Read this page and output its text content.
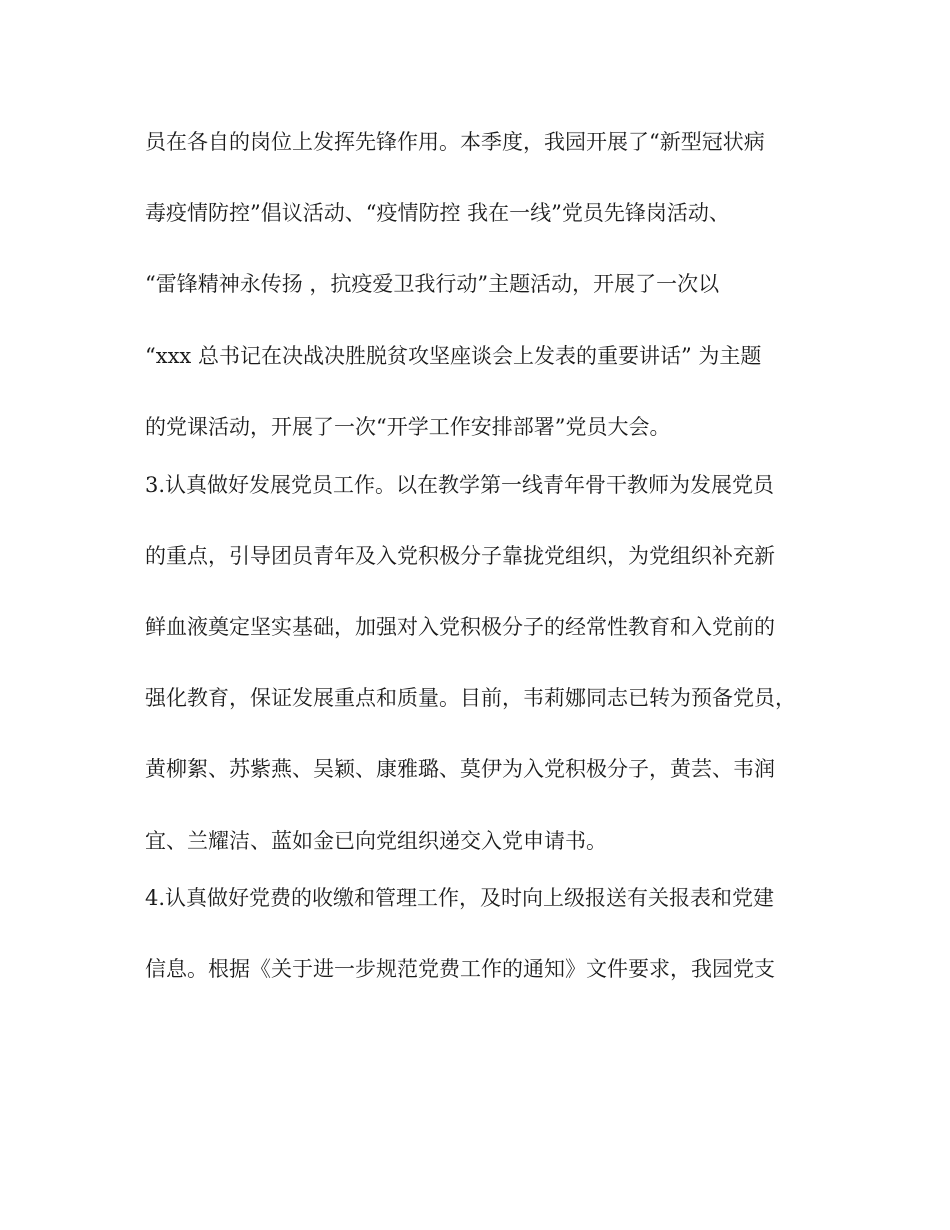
员在各自的岗位上发挥先锋作用。本季度，我园开展了“新型冠状病

毒疫情防控”倡议活动、“疫情防控 我在一线”党员先锋岗活动、

“雷锋精神永传扬 ，抗疫爱卫我行动”主题活动，开展了一次以

“xxx 总书记在决战决胜脱贫攻坚座谈会上发表的重要讲话” 为主题

的党课活动，开展了一次“开学工作安排部署”党员大会。

3.认真做好发展党员工作。以在教学第一线青年骨干教师为发展党员

的重点，引导团员青年及入党积极分子靠拢党组织，为党组织补充新

鲜血液奠定坚实基础，加强对入党积极分子的经常性教育和入党前的

强化教育，保证发展重点和质量。目前，韦莉娜同志已转为预备党员，

黄柳絮、苏紫燕、吴颖、康雅璐、莫伊为入党积极分子，黄芸、韦润

宜、兰耀洁、蓝如金已向党组织递交入党申请书。

4.认真做好党费的收缴和管理工作，及时向上级报送有关报表和党建

信息。根据《关于进一步规范党费工作的通知》文件要求，我园党支
